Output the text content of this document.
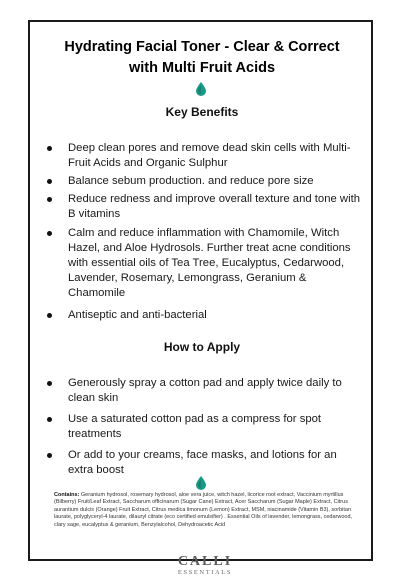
Hydrating Facial Toner - Clear & Correct
with Multi Fruit Acids
Key Benefits
Deep clean pores and remove dead skin cells with Multi-Fruit Acids and Organic Sulphur
Balance sebum production. and reduce pore size
Reduce redness and improve overall texture and tone with B vitamins
Calm and reduce inflammation with Chamomile, Witch Hazel, and Aloe Hydrosols. Further treat acne conditions with essential oils of Tea Tree, Eucalyptus, Cedarwood, Lavender, Rosemary, Lemongrass, Geranium & Chamomile
Antiseptic and anti-bacterial
How to Apply
Generously spray a cotton pad and apply twice daily to clean skin
Use a saturated cotton pad as a compress for spot treatments
Or add to your creams, face masks, and lotions for an extra boost
Contains: Geranium hydrosol, rosemary hydrosol, aloe vera juice, witch hazel, licorice root extract, Vaccinium myrtillus (Bilberry) Fruit/Leaf Extract, Saccharum officinarum (Sugar Cane) Extract, Acer Saccharum (Sugar Maple) Extract, Citrus aurantium dulcis (Orange) Fruit Extract, Citrus medica limonum (Lemon) Extract, MSM, niacinamide (Vitamin B3), sorbitan laurate, polyglyceryl-4 laurate, dilauryl citrate (eco certified emulsifier) . Essential Oils of lavender, lemongrass, cedarwood, clary sage, eucalyptus & geranium, Benzylalcohol, Dehydroacetic Acid
CALLI
ESSENTIALS
